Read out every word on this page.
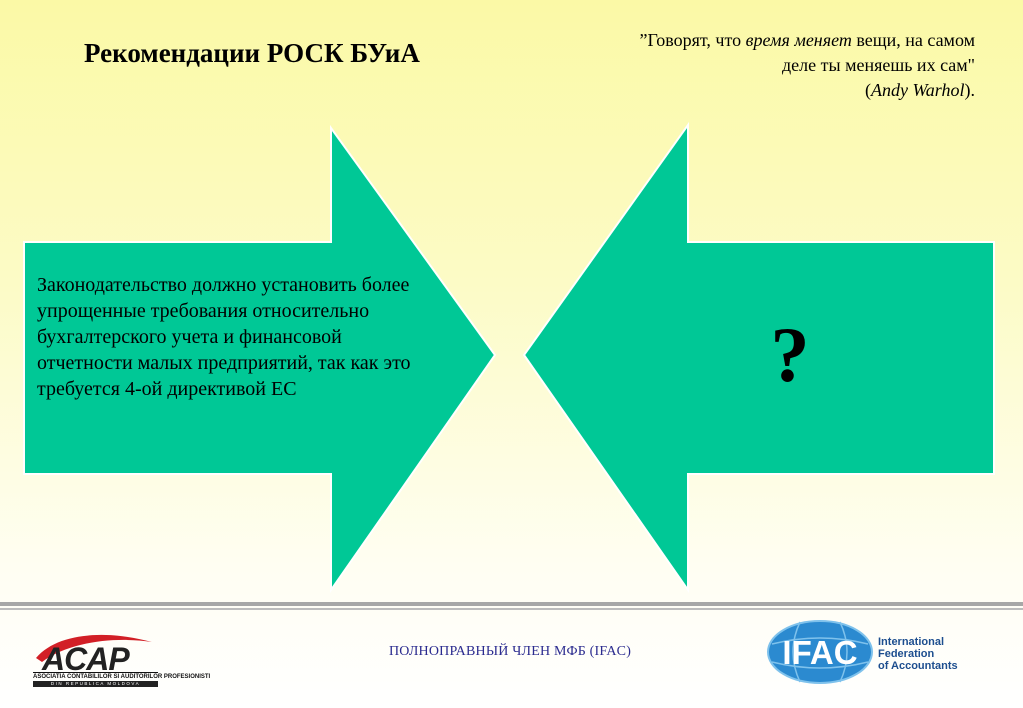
Рекомендации РОСК БУиА	”Говорят, что время меняет вещи, на самом
деле ты меняешь их сам"
(Andy Warhol).
Законодательство должно установить более упрощенные требования относительно бухгалтерского учета и финансовой отчетности малых предприятий, так как это требуется 4-ой директивой ЕС	?
ACAP
ASOCIATIA CONTABILILOR SI AUDITORILOR PROFESIONISTI
DIN REPUBLICA MOLDOVA
ПОЛНОПРАВНЫЙ ЧЛЕН МФБ (IFAC)	IFAC International
Federation
of Accountants
